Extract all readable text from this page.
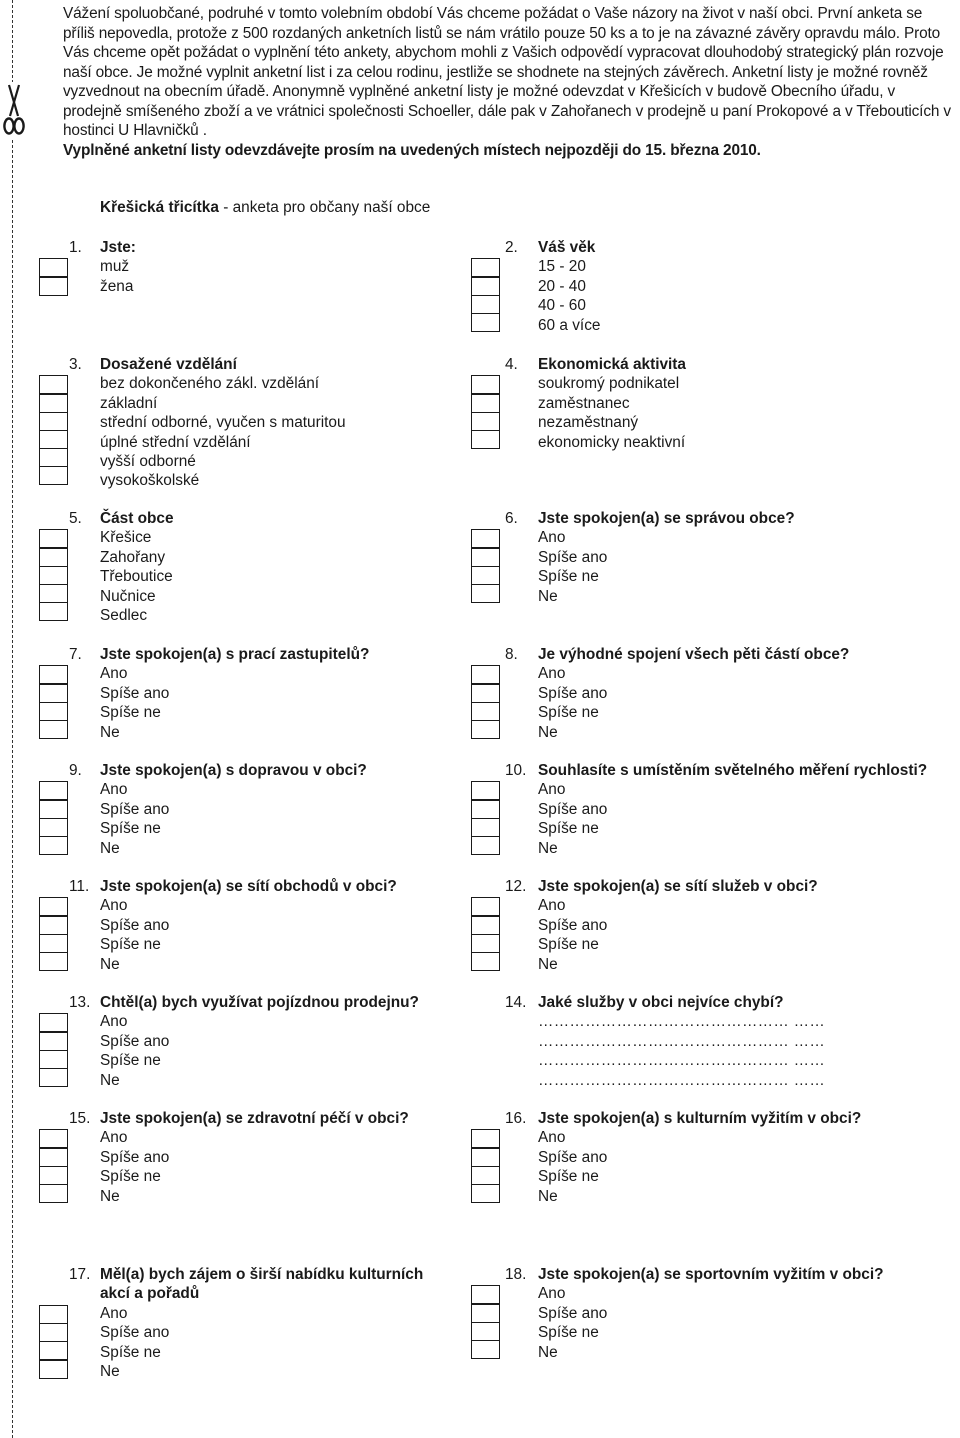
Vážení spoluobčané, podruhé v tomto volebním období Vás chceme požádat o Vaše názory na život v naší obci. První anketa se příliš nepovedla, protože z 500 rozdaných anketních listů se nám vrátilo pouze 50 ks a to je na závazné závěry opravdu málo. Proto Vás chceme opět požádat o vyplnění této ankety, abychom mohli z Vašich odpovědí vypracovat dlouhodobý strategický plán rozvoje naší obce. Je možné vyplnit anketní list i za celou rodinu, jestliže se shodnete na stejných závěrech. Anketní listy je možné rovněž vyzvednout na obecním úřadě. Anonymně vyplněné anketní listy je možné odevzdat v Křešicích v budově Obecního úřadu, v prodejně smíšeného zboží a ve vrátnici společnosti Schoeller, dále pak v Zahořanech v prodejně u paní Prokopové a v Třebouticích v hostinci U Hlavničků .

Vyplněné anketní listy odevzdávejte prosím na uvedených místech nejpozději do 15. března 2010.

Křešická třicítka - anketa pro občany naší obce
1. Jste:
muž
žena
2. Váš věk
15 - 20
20 - 40
40 - 60
60 a více
3. Dosažené vzdělání
bez dokončeného zákl. vzdělání
základní
střední odborné, vyučen s maturitou
úplné střední vzdělání
vyšší odborné
vysokoškolské
4. Ekonomická aktivita
soukromý podnikatel
zaměstnanec
nezaměstnaný
ekonomicky neaktivní
5. Část obce
Křešice
Zahořany
Třeboutice
Nučnice
Sedlec
6. Jste spokojen(a) se správou obce?
Ano
Spíše ano
Spíše ne
Ne
7. Jste spokojen(a) s prací zastupitelů?
Ano
Spíše ano
Spíše ne
Ne
8. Je výhodné spojení všech pěti částí obce?
Ano
Spíše ano
Spíše ne
Ne
9. Jste spokojen(a) s dopravou v obci?
Ano
Spíše ano
Spíše ne
Ne
10. Souhlasíte s umístěním světelného měření rychlosti?
Ano
Spíše ano
Spíše ne
Ne
11. Jste spokojen(a) se sítí obchodů v obci?
Ano
Spíše ano
Spíše ne
Ne
12. Jste spokojen(a) se sítí služeb v obci?
Ano
Spíše ano
Spíše ne
Ne
13. Chtěl(a) bych využívat pojízdnou prodejnu?
Ano
Spíše ano
Spíše ne
Ne
14. Jaké služby v obci nejvíce chybí?
………………………………………… ……
………………………………………… ……
………………………………………… ……
………………………………………… ……
15. Jste spokojen(a) se zdravotní péčí v obci?
Ano
Spíše ano
Spíše ne
Ne
16. Jste spokojen(a) s kulturním vyžitím v obci?
Ano
Spíše ano
Spíše ne
Ne
17. Měl(a) bych zájem o širší nabídku kulturních
akcí a pořadů
Ano
Spíše ano
Spíše ne
Ne
18. Jste spokojen(a) se sportovním vyžitím v obci?
Ano
Spíše ano
Spíše ne
Ne
